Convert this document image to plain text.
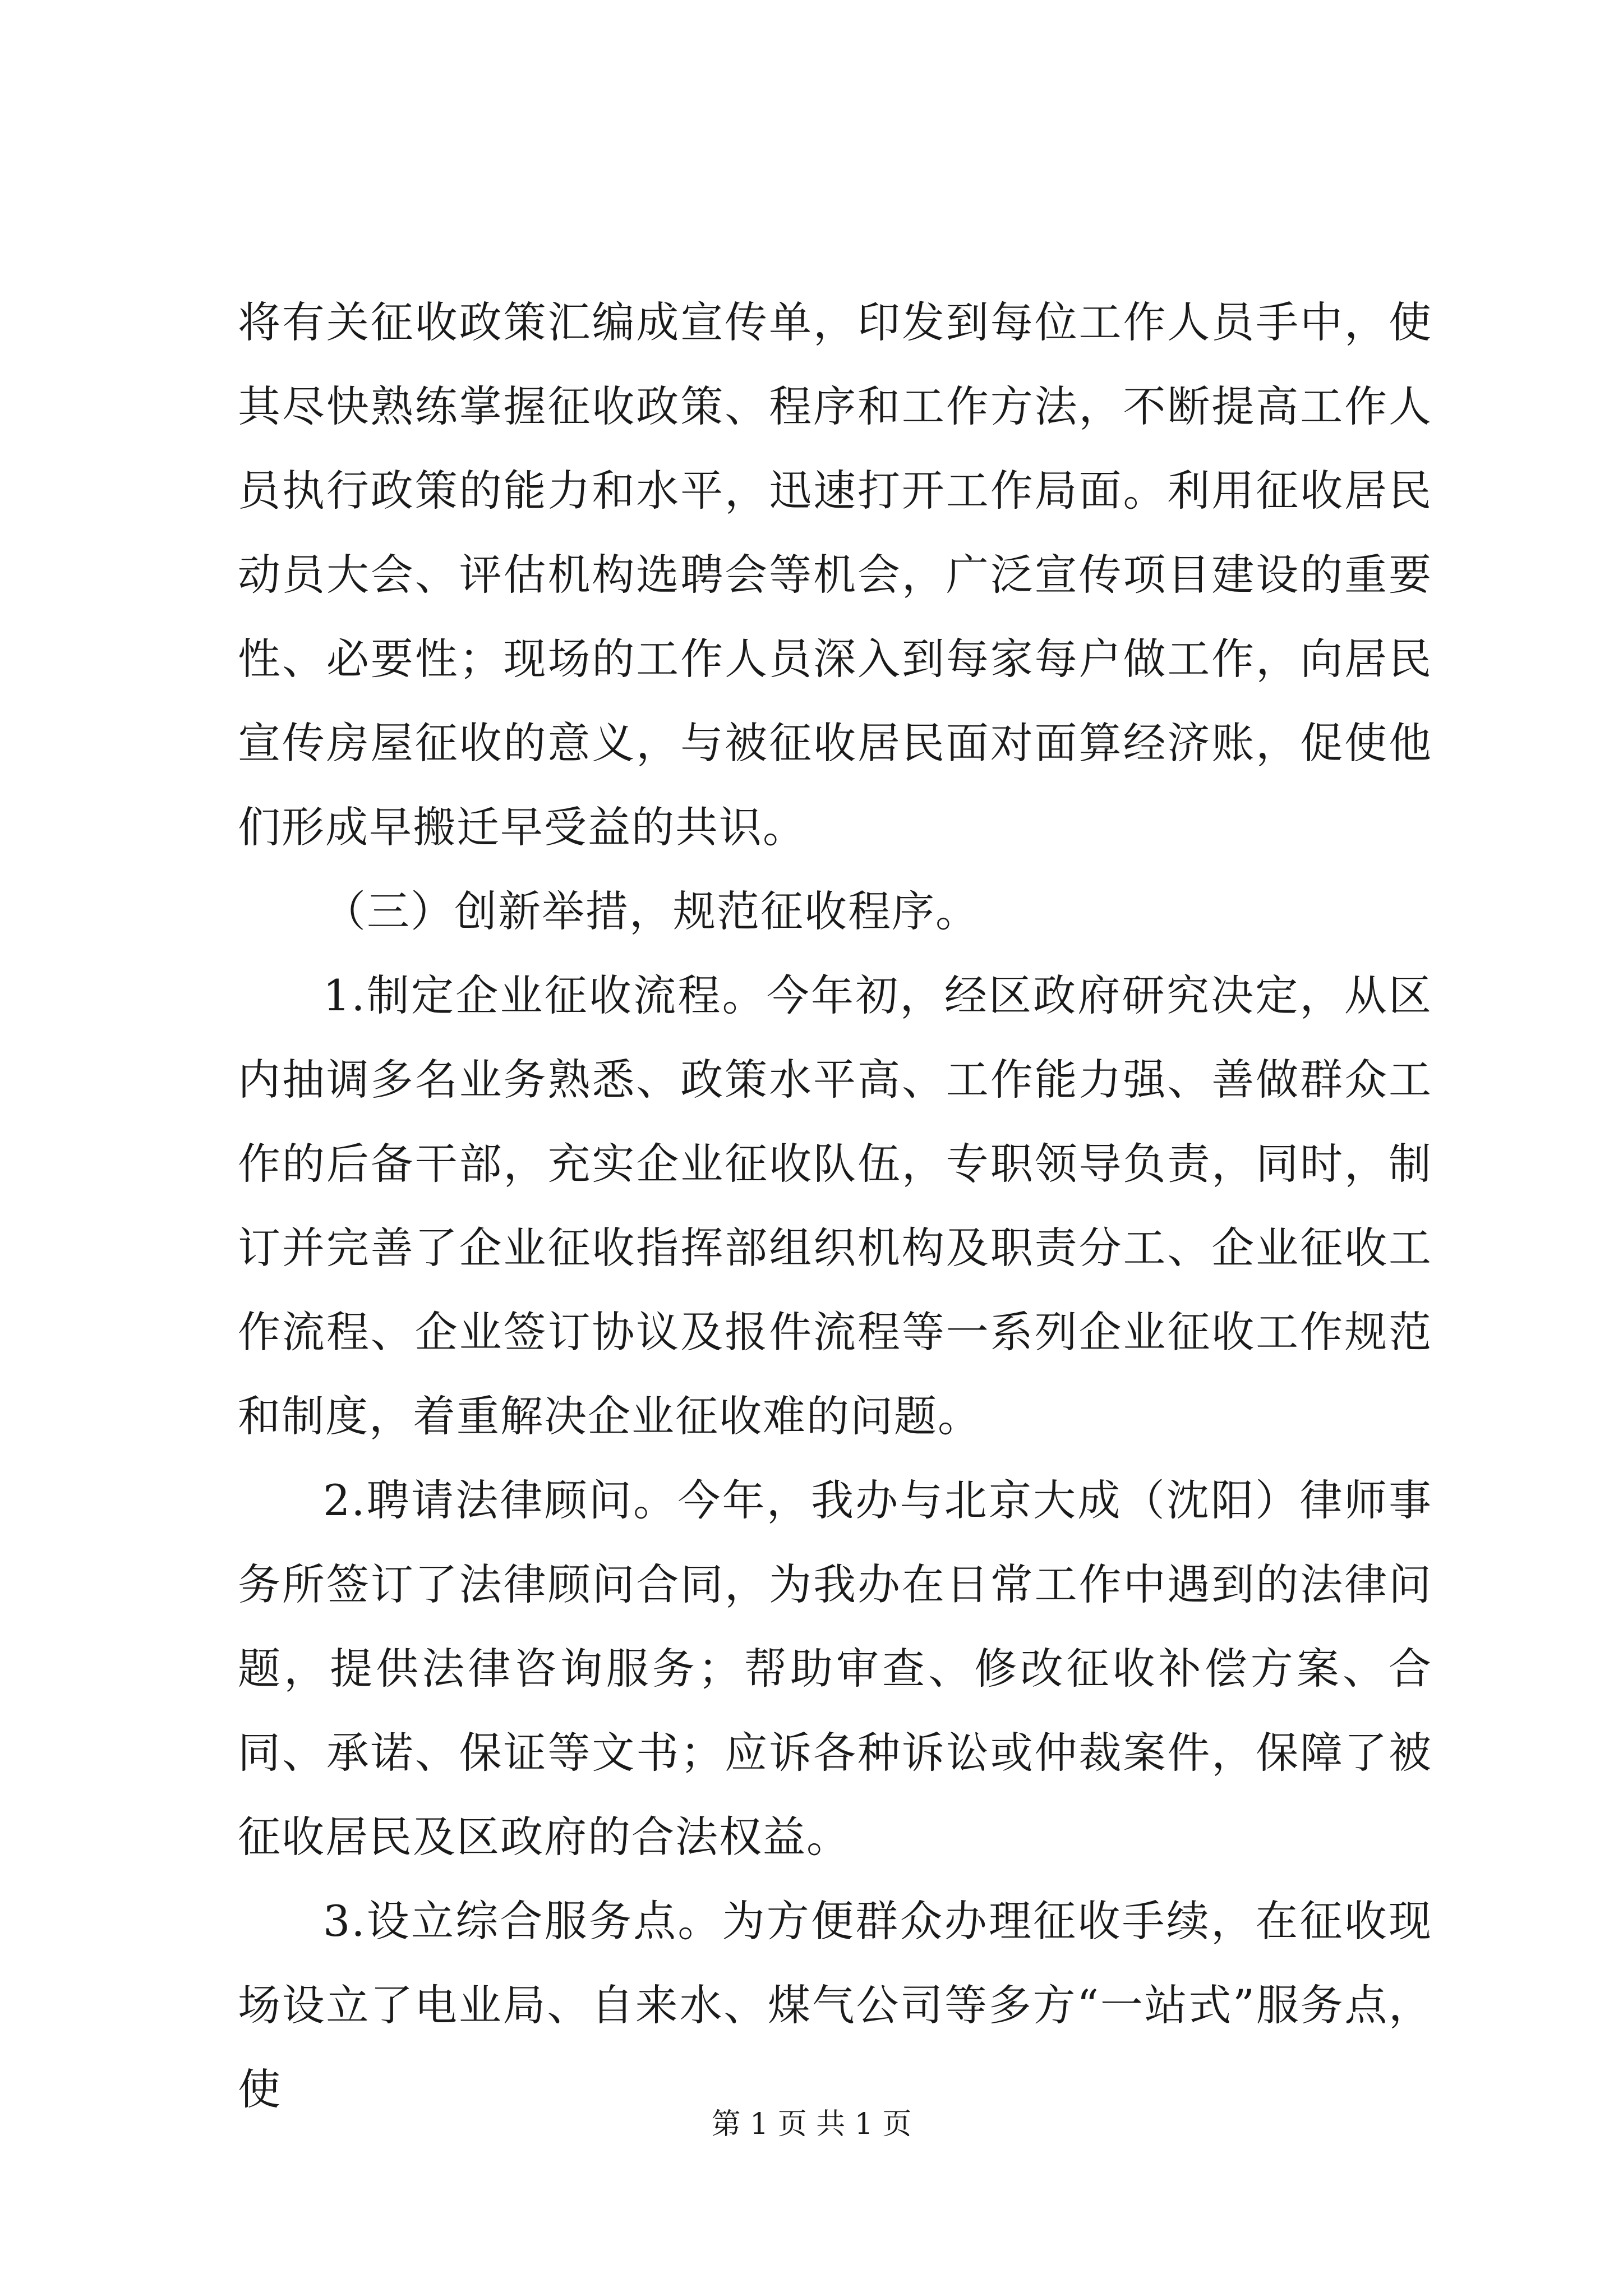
将有关征收政策汇编成宣传单，印发到每位工作人员手中，使其尽快熟练掌握征收政策、程序和工作方法，不断提高工作人员执行政策的能力和水平，迅速打开工作局面。利用征收居民动员大会、评估机构选聘会等机会，广泛宣传项目建设的重要性、必要性；现场的工作人员深入到每家每户做工作，向居民宣传房屋征收的意义，与被征收居民面对面算经济账，促使他们形成早搬迁早受益的共识。

（三）创新举措，规范征收程序。

1.制定企业征收流程。今年初，经区政府研究决定，从区内抽调多名业务熟悉、政策水平高、工作能力强、善做群众工作的后备干部，充实企业征收队伍，专职领导负责，同时，制订并完善了企业征收指挥部组织机构及职责分工、企业征收工作流程、企业签订协议及报件流程等一系列企业征收工作规范和制度，着重解决企业征收难的问题。

2.聘请法律顾问。今年，我办与北京大成（沈阳）律师事务所签订了法律顾问合同，为我办在日常工作中遇到的法律问题，提供法律咨询服务；帮助审查、修改征收补偿方案、合同、承诺、保证等文书；应诉各种诉讼或仲裁案件，保障了被征收居民及区政府的合法权益。

3.设立综合服务点。为方便群众办理征收手续，在征收现场设立了电业局、自来水、煤气公司等多方“一站式”服务点，使

第 1 页 共 1 页
